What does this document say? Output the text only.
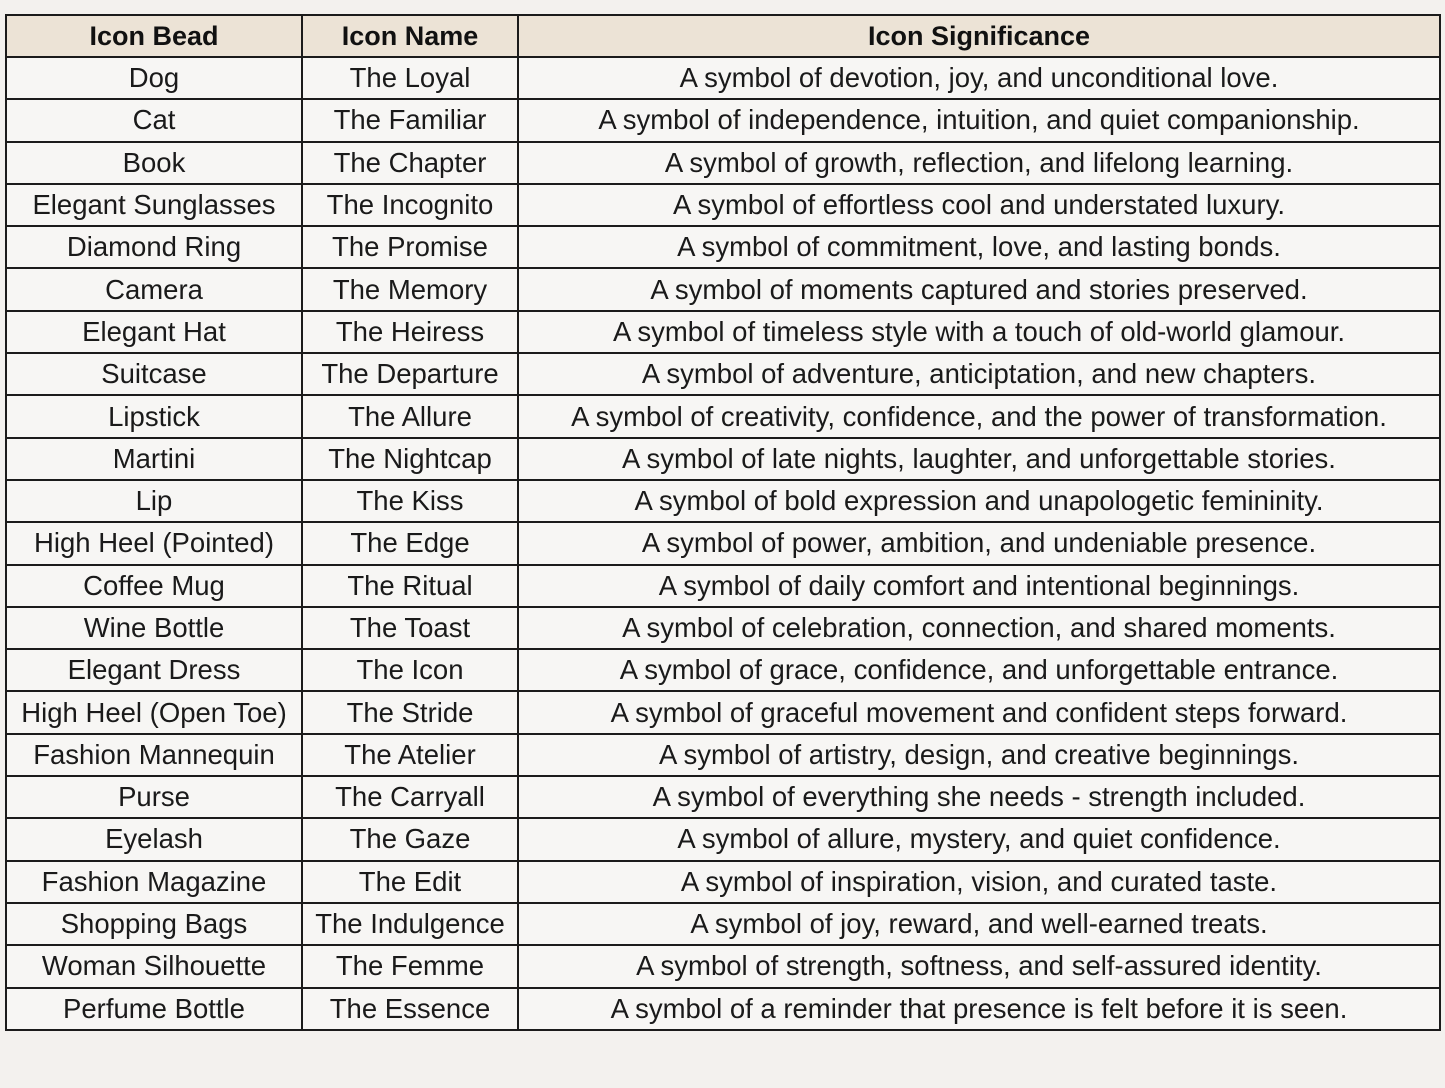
Icon Bead	Icon Name	Icon Significance
Dog	The Loyal	A symbol of devotion, joy, and unconditional love.
Cat	The Familiar	A symbol of independence, intuition, and quiet companionship.
Book	The Chapter	A symbol of growth, reflection, and lifelong learning.
Elegant Sunglasses	The Incognito	A symbol of effortless cool and understated luxury.
Diamond Ring	The Promise	A symbol of commitment, love, and lasting bonds.
Camera	The Memory	A symbol of moments captured and stories preserved.
Elegant Hat	The Heiress	A symbol of timeless style with a touch of old-world glamour.
Suitcase	The Departure	A symbol of adventure, anticiptation, and new chapters.
Lipstick	The Allure	A symbol of creativity, confidence, and the power of transformation.
Martini	The Nightcap	A symbol of late nights, laughter, and unforgettable stories.
Lip	The Kiss	A symbol of bold expression and unapologetic femininity.
High Heel (Pointed)	The Edge	A symbol of power, ambition, and undeniable presence.
Coffee Mug	The Ritual	A symbol of daily comfort and intentional beginnings.
Wine Bottle	The Toast	A symbol of celebration, connection, and shared moments.
Elegant Dress	The Icon	A symbol of grace, confidence, and unforgettable entrance.
High Heel (Open Toe)	The Stride	A symbol of graceful movement and confident steps forward.
Fashion Mannequin	The Atelier	A symbol of artistry, design, and creative beginnings.
Purse	The Carryall	A symbol of everything she needs - strength included.
Eyelash	The Gaze	A symbol of allure, mystery, and quiet confidence.
Fashion Magazine	The Edit	A symbol of inspiration, vision, and curated taste.
Shopping Bags	The Indulgence	A symbol of joy, reward, and well-earned treats.
Woman Silhouette	The Femme	A symbol of strength, softness, and self-assured identity.
Perfume Bottle	The Essence	A symbol of a reminder that presence is felt before it is seen.
